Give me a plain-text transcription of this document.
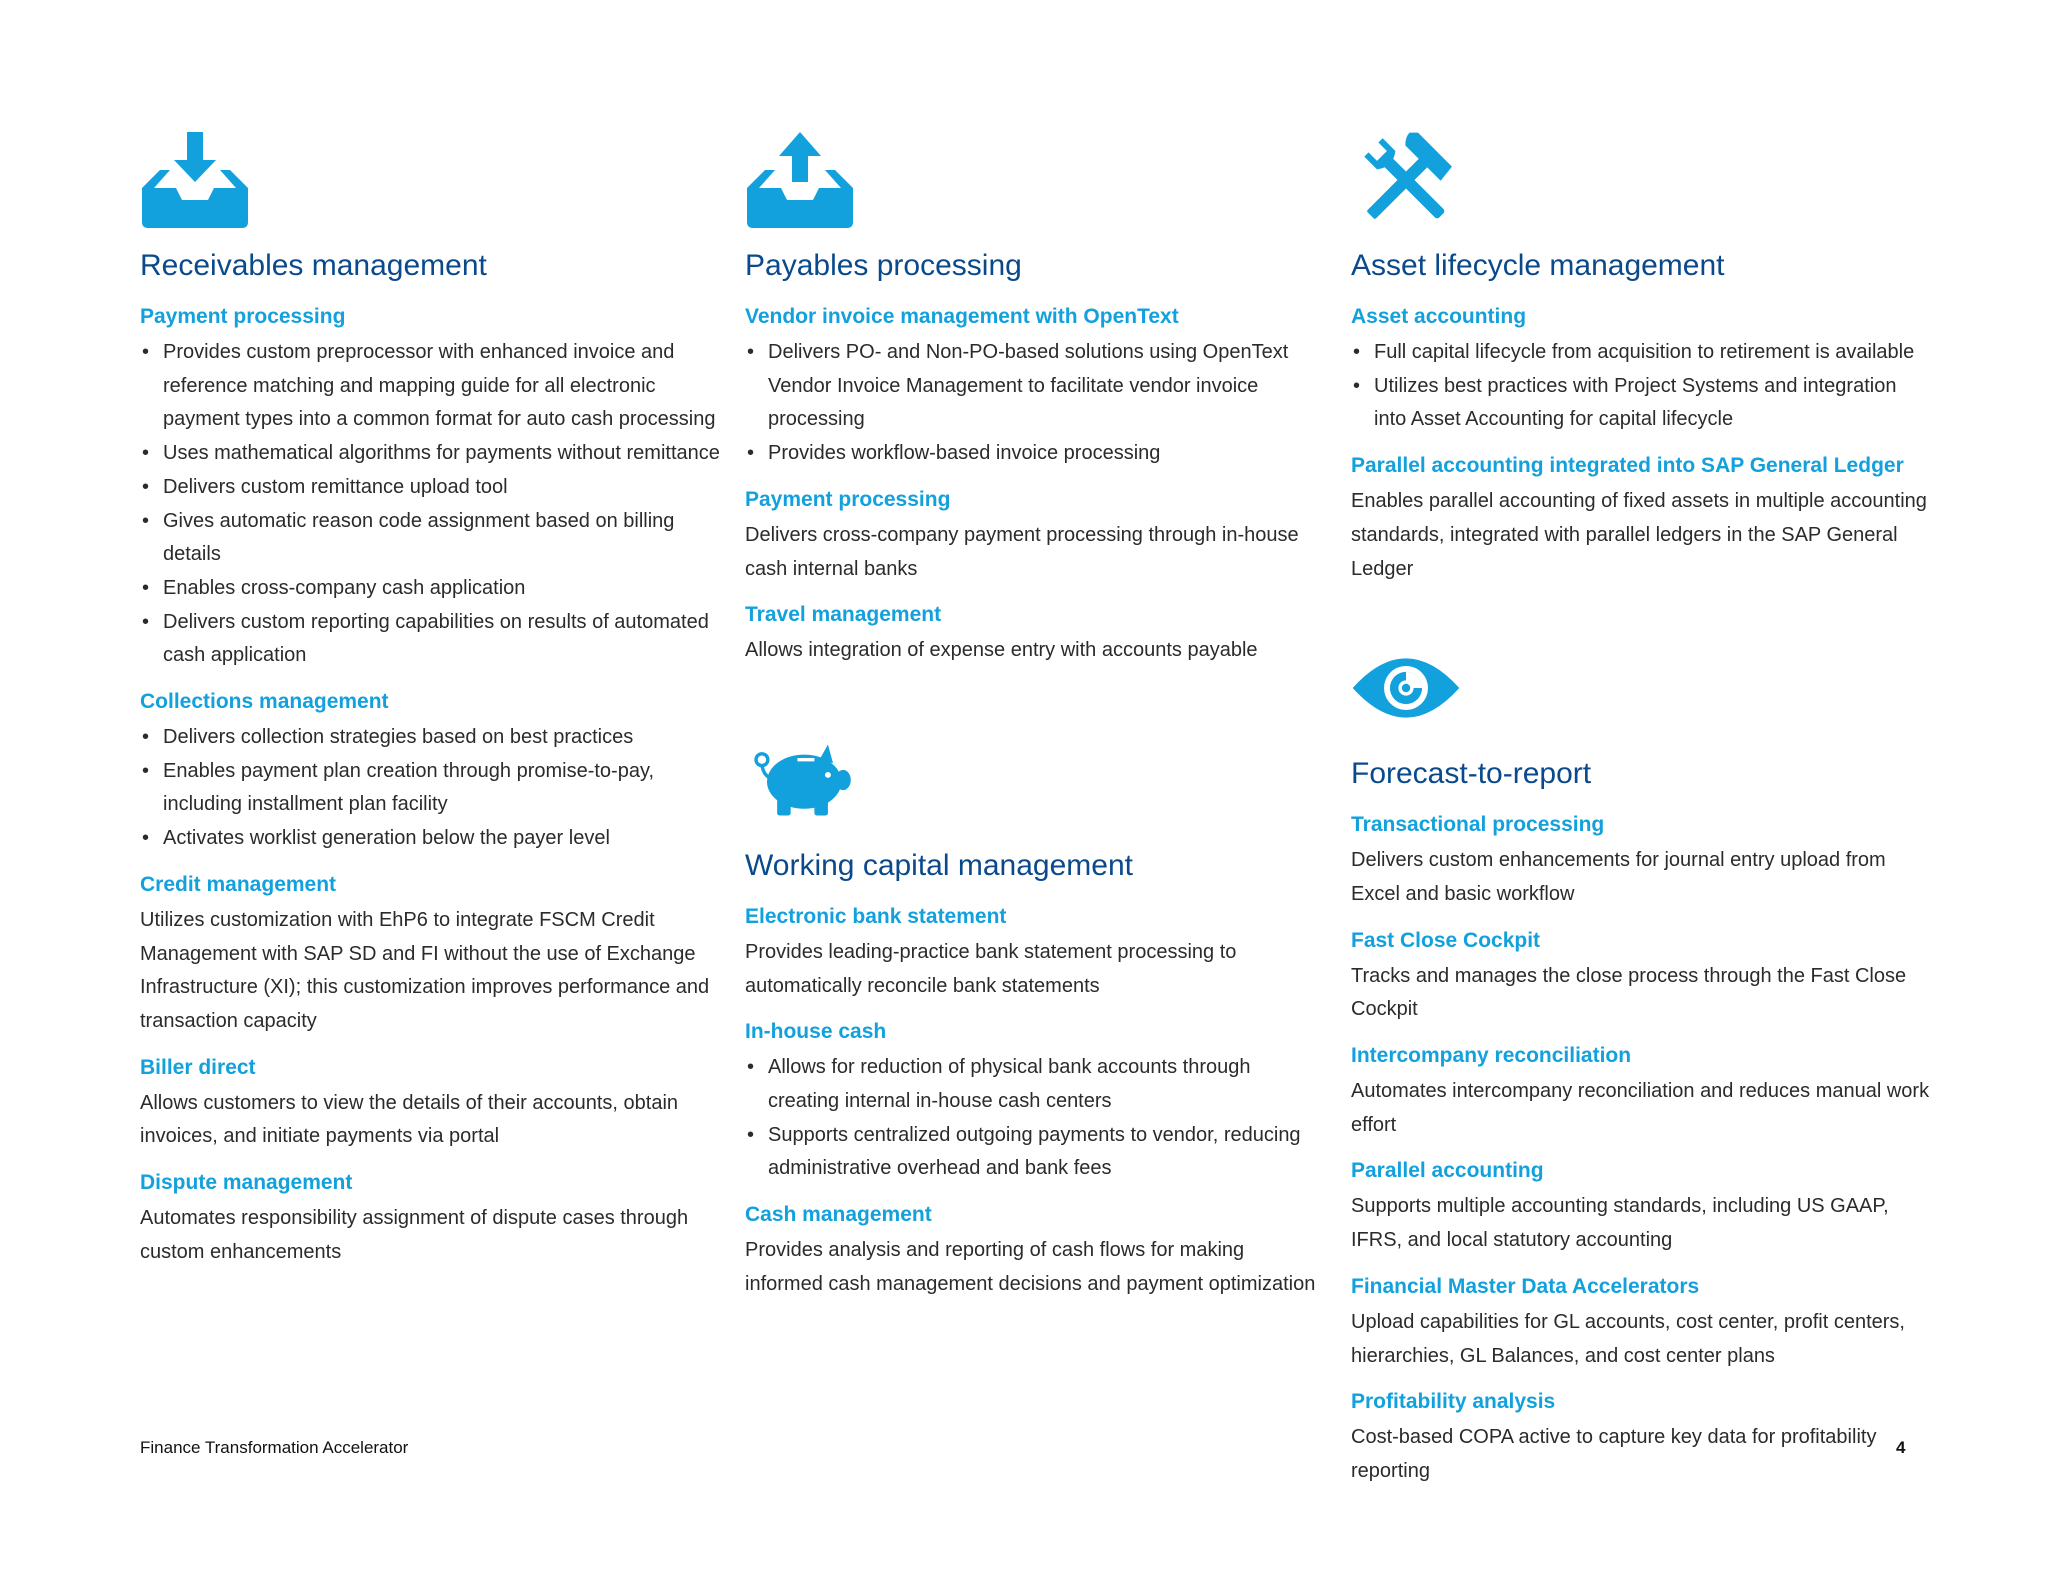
Receivables management
Payment processing
• Provides custom preprocessor with enhanced invoice and reference matching and mapping guide for all electronic payment types into a common format for auto cash processing
• Uses mathematical algorithms for payments without remittance
• Delivers custom remittance upload tool
• Gives automatic reason code assignment based on billing details
• Enables cross-company cash application
• Delivers custom reporting capabilities on results of automated cash application
Collections management
• Delivers collection strategies based on best practices
• Enables payment plan creation through promise-to-pay, including installment plan facility
• Activates worklist generation below the payer level
Credit management

Utilizes customization with EhP6 to integrate FSCM Credit Management with SAP SD and FI without the use of Exchange Infrastructure (XI); this customization improves performance and transaction capacity

Biller direct

Allows customers to view the details of their accounts, obtain invoices, and initiate payments via portal

Dispute management

Automates responsibility assignment of dispute cases through custom enhancements

Payables processing
Vendor invoice management with OpenText
• Delivers PO- and Non-PO-based solutions using OpenText Vendor Invoice Management to facilitate vendor invoice processing
• Provides workflow-based invoice processing
Payment processing

Delivers cross-company payment processing through in-house cash internal banks

Travel management

Allows integration of expense entry with accounts payable

Working capital management
Electronic bank statement

Provides leading-practice bank statement processing to automatically reconcile bank statements

In-house cash
• Allows for reduction of physical bank accounts through creating internal in-house cash centers
• Supports centralized outgoing payments to vendor, reducing administrative overhead and bank fees
Cash management

Provides analysis and reporting of cash flows for making informed cash management decisions and payment optimization

Asset lifecycle management
Asset accounting
• Full capital lifecycle from acquisition to retirement is available
• Utilizes best practices with Project Systems and integration into Asset Accounting for capital lifecycle
Parallel accounting integrated into SAP General Ledger

Enables parallel accounting of fixed assets in multiple accounting standards, integrated with parallel ledgers in the SAP General Ledger

Forecast-to-report
Transactional processing

Delivers custom enhancements for journal entry upload from Excel and basic workflow

Fast Close Cockpit

Tracks and manages the close process through the Fast Close Cockpit

Intercompany reconciliation

Automates intercompany reconciliation and reduces manual work effort

Parallel accounting

Supports multiple accounting standards, including US GAAP, IFRS, and local statutory accounting

Financial Master Data Accelerators

Upload capabilities for GL accounts, cost center, profit centers, hierarchies, GL Balances, and cost center plans

Profitability analysis

Cost-based COPA active to capture key data for profitability reporting

Finance Transformation Accelerator	4
